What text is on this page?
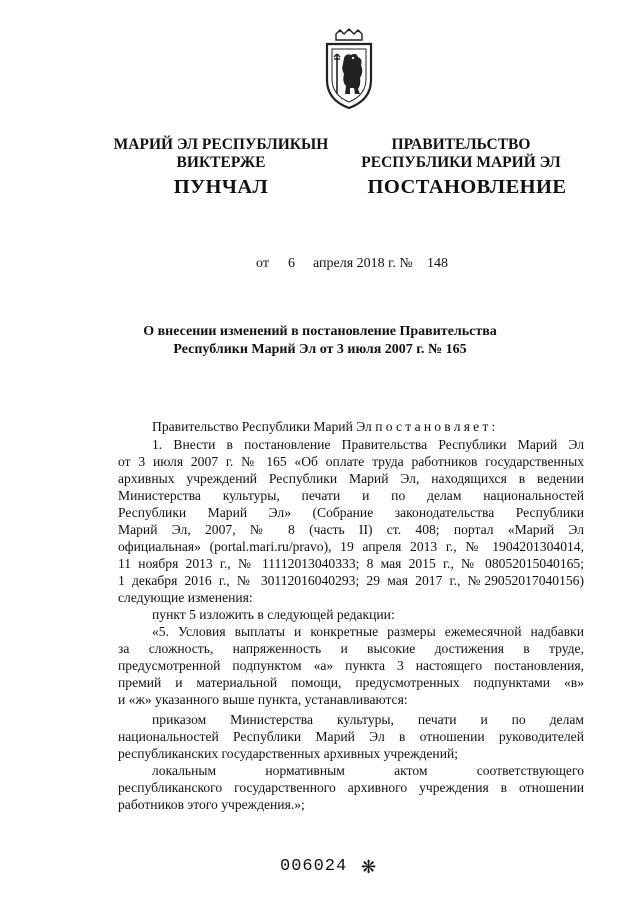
МАРИЙ ЭЛ РЕСПУБЛИКЫН
ВИКТЕРЖЕ
ПУНЧАЛ
ПРАВИТЕЛЬСТВО
РЕСПУБЛИКИ МАРИЙ ЭЛ
ПОСТАНОВЛЕНИЕ
от 6 апреля 2018 г. № 148
О внесении изменений в постановление Правительства
Республики Марий Эл от 3 июля 2007 г. № 165
Правительство Республики Марий Эл постановляет:
1. Внести в постановление Правительства Республики Марий Эл
от 3 июля 2007 г. № 165 «Об оплате труда работников государственных
архивных учреждений Республики Марий Эл, находящихся в ведении
Министерства культуры, печати и по делам национальностей
Республики Марий Эл» (Собрание законодательства Республики
Марий Эл, 2007, № 8 (часть II) ст. 408; портал «Марий Эл
официальная» (portal.mari.ru/pravo), 19 апреля 2013 г., № 1904201304014,
11 ноября 2013 г., № 11112013040333; 8 мая 2015 г., № 08052015040165;
1 декабря 2016 г., № 30112016040293; 29 мая 2017 г., №29052017040156)
следующие изменения:
пункт 5 изложить в следующей редакции:
«5. Условия выплаты и конкретные размеры ежемесячной надбавки
за сложность, напряженность и высокие достижения в труде,
предусмотренной подпунктом «а» пункта 3 настоящего постановления,
премий и материальной помощи, предусмотренных подпунктами «в»
и «ж» указанного выше пункта, устанавливаются:
приказом Министерства культуры, печати и по делам
национальностей Республики Марий Эл в отношении руководителей
республиканских государственных архивных учреждений;
локальным нормативным актом соответствующего
республиканского государственного архивного учреждения в отношении
работников этого учреждения.»;
006024 ❋
